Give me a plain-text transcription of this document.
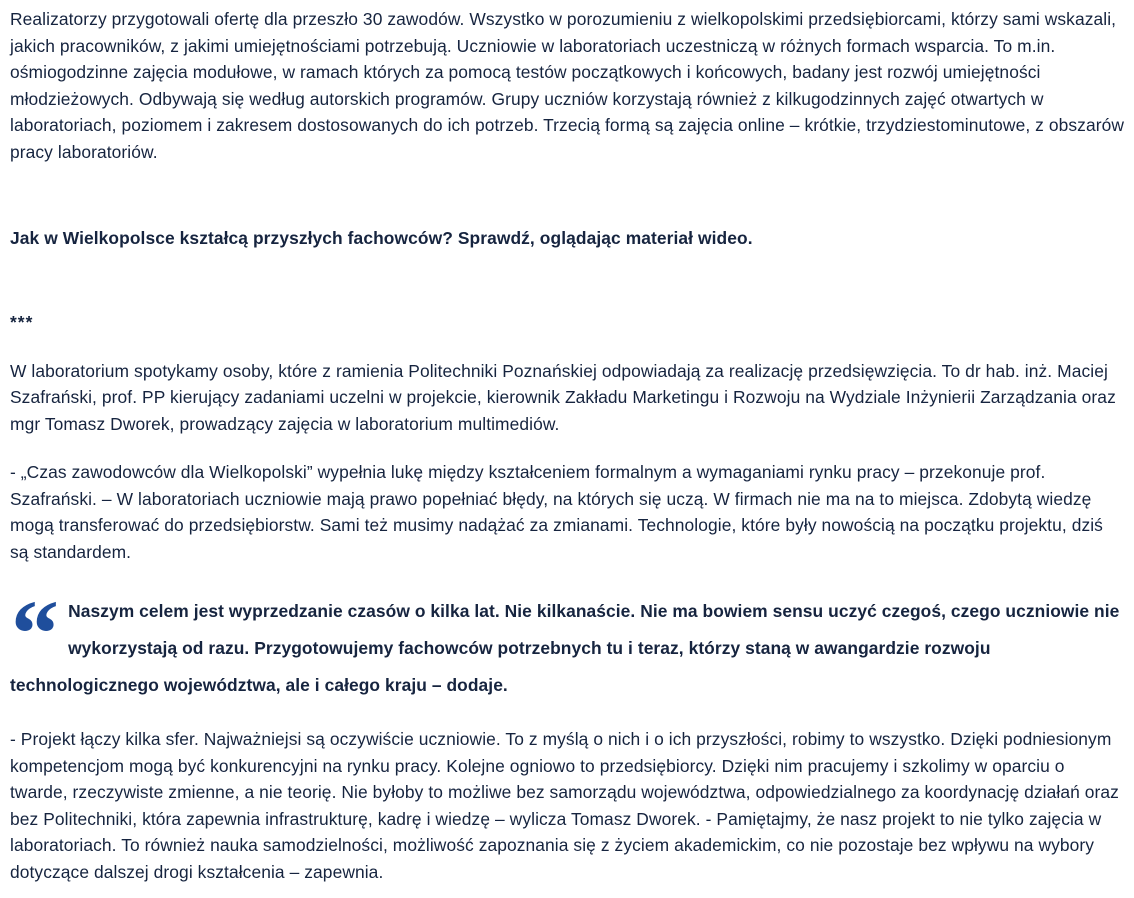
Realizatorzy przygotowali ofertę dla przeszło 30 zawodów. Wszystko w porozumieniu z wielkopolskimi przedsiębiorcami, którzy sami wskazali, jakich pracowników, z jakimi umiejętnościami potrzebują. Uczniowie w laboratoriach uczestniczą w różnych formach wsparcia. To m.in. ośmiogodzinne zajęcia modułowe, w ramach których za pomocą testów początkowych i końcowych, badany jest rozwój umiejętności młodzieżowych. Odbywają się według autorskich programów. Grupy uczniów korzystają również z kilkugodzinnych zajęć otwartych w laboratoriach, poziomem i zakresem dostosowanych do ich potrzeb. Trzecią formą są zajęcia online – krótkie, trzydziestominutowe, z obszarów pracy laboratoriów.

Jak w Wielkopolsce kształcą przyszłych fachowców? Sprawdź, oglądając materiał wideo.

***

W laboratorium spotykamy osoby, które z ramienia Politechniki Poznańskiej odpowiadają za realizację przedsięwzięcia. To dr hab. inż. Maciej Szafrański, prof. PP kierujący zadaniami uczelni w projekcie, kierownik Zakładu Marketingu i Rozwoju na Wydziale Inżynierii Zarządzania oraz mgr Tomasz Dworek, prowadzący zajęcia w laboratorium multimediów.

- „Czas zawodowców dla Wielkopolski” wypełnia lukę między kształceniem formalnym a wymaganiami rynku pracy – przekonuje prof. Szafrański. – W laboratoriach uczniowie mają prawo popełniać błędy, na których się uczą. W firmach nie ma na to miejsca. Zdobytą wiedzę mogą transferować do przedsiębiorstw. Sami też musimy nadążać za zmianami. Technologie, które były nowością na początku projektu, dziś są standardem.

“ Naszym celem jest wyprzedzanie czasów o kilka lat. Nie kilkanaście. Nie ma bowiem sensu uczyć czegoś, czego uczniowie nie wykorzystają od razu. Przygotowujemy fachowców potrzebnych tu i teraz, którzy staną w awangardzie rozwoju technologicznego województwa, ale i całego kraju – dodaje.

- Projekt łączy kilka sfer. Najważniejsi są oczywiście uczniowie. To z myślą o nich i o ich przyszłości, robimy to wszystko. Dzięki podniesionym kompetencjom mogą być konkurencyjni na rynku pracy. Kolejne ogniowo to przedsiębiorcy. Dzięki nim pracujemy i szkolimy w oparciu o twarde, rzeczywiste zmienne, a nie teorię. Nie byłoby to możliwe bez samorządu województwa, odpowiedzialnego za koordynację działań oraz bez Politechniki, która zapewnia infrastrukturę, kadrę i wiedzę – wylicza Tomasz Dworek. - Pamiętajmy, że nasz projekt to nie tylko zajęcia w laboratoriach. To również nauka samodzielności, możliwość zapoznania się z życiem akademickim, co nie pozostaje bez wpływu na wybory dotyczące dalszej drogi kształcenia – zapewnia.
